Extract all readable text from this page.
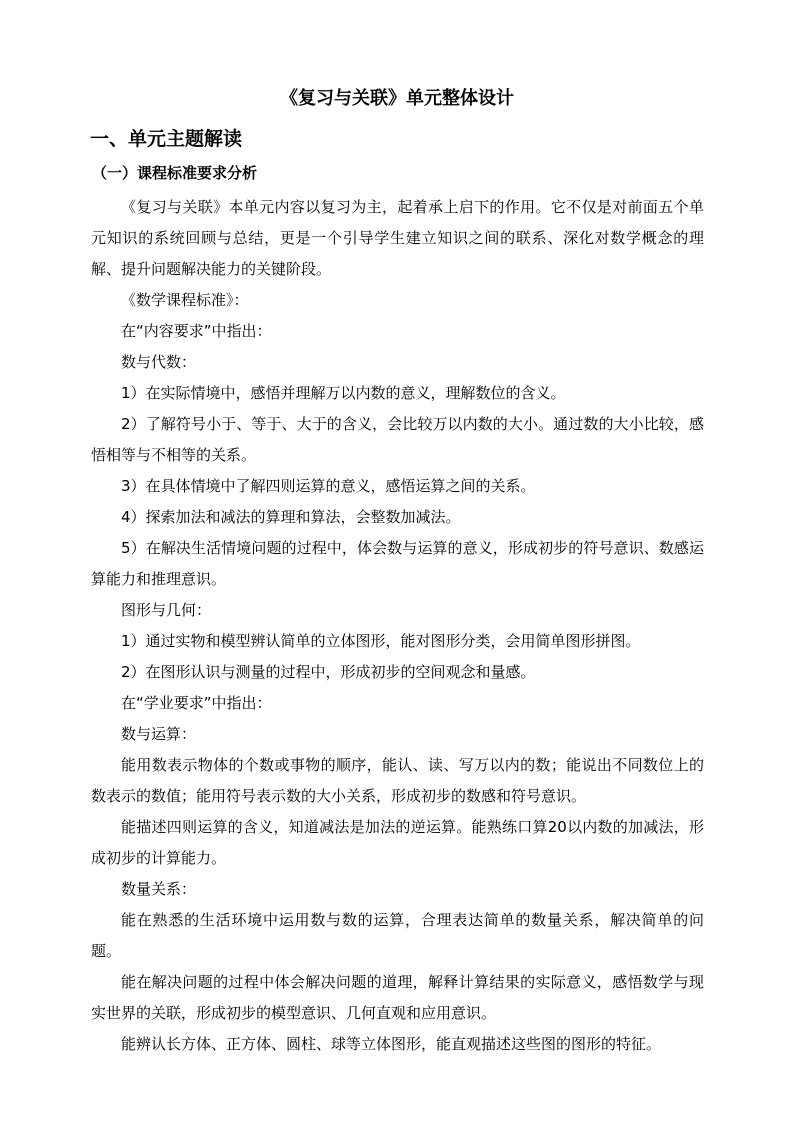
《复习与关联》单元整体设计
一、单元主题解读
（一）课程标准要求分析

《复习与关联》本单元内容以复习为主，起着承上启下的作用。它不仅是对前面五个单元知识的系统回顾与总结，更是一个引导学生建立知识之间的联系、深化对数学概念的理解、提升问题解决能力的关键阶段。

《数学课程标准》：

在“内容要求”中指出：

数与代数：

1）在实际情境中，感悟并理解万以内数的意义，理解数位的含义。

2）了解符号小于、等于、大于的含义，会比较万以内数的大小。通过数的大小比较，感悟相等与不相等的关系。

3）在具体情境中了解四则运算的意义，感悟运算之间的关系。

4）探索加法和减法的算理和算法，会整数加减法。

5）在解决生活情境问题的过程中，体会数与运算的意义，形成初步的符号意识、数感运算能力和推理意识。

图形与几何：

1）通过实物和模型辨认简单的立体图形，能对图形分类，会用简单图形拼图。

2）在图形认识与测量的过程中，形成初步的空间观念和量感。

在“学业要求”中指出：

数与运算：

能用数表示物体的个数或事物的顺序，能认、读、写万以内的数；能说出不同数位上的数表示的数值；能用符号表示数的大小关系，形成初步的数感和符号意识。

能描述四则运算的含义，知道减法是加法的逆运算。能熟练口算20以内数的加减法，形成初步的计算能力。

数量关系：

能在熟悉的生活环境中运用数与数的运算，合理表达简单的数量关系，解决简单的问题。

能在解决问题的过程中体会解决问题的道理，解释计算结果的实际意义，感悟数学与现实世界的关联，形成初步的模型意识、几何直观和应用意识。

能辨认长方体、正方体、圆柱、球等立体图形，能直观描述这些图的图形的特征。
